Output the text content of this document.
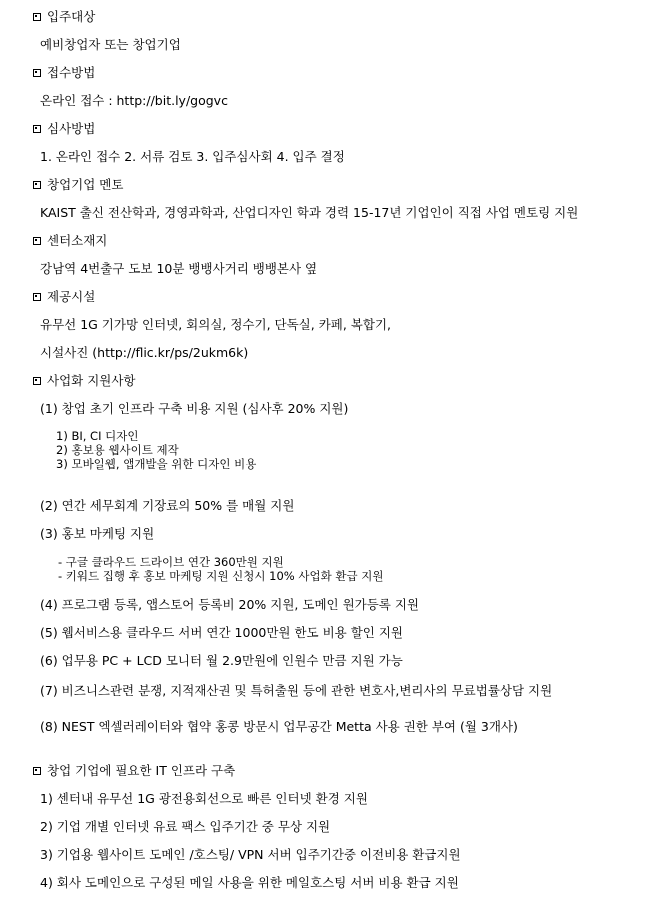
입주대상
예비창업자 또는 창업기업
접수방법
온라인 접수 : http://bit.ly/gogvc
심사방법
1. 온라인 접수 2. 서류 검토 3. 입주심사회 4. 입주 결정
창업기업 멘토
KAIST 출신 전산학과, 경영과학과, 산업디자인 학과 경력 15-17년 기업인이 직접 사업 멘토링 지원
센터소재지
강남역 4번출구 도보 10분 뱅뱅사거리 뱅뱅본사 옆
제공시설
유무선 1G 기가망 인터넷, 회의실, 정수기, 단독실, 카페, 복합기,
시설사진 (http://flic.kr/ps/2ukm6k)
사업화 지원사항
(1) 창업 초기 인프라 구축 비용 지원 (심사후 20% 지원)
1) BI, CI 디자인
2) 홍보용 웹사이트 제작
3) 모바일웹, 앱개발을 위한 디자인 비용
(2) 연간 세무회계 기장료의 50% 를 매월 지원
(3) 홍보 마케팅 지원
- 구글 클라우드 드라이브 연간 360만원 지원
- 키워드 집행 후 홍보 마케팅 지원 신청시 10% 사업화 환급 지원
(4) 프로그램 등록, 앱스토어 등록비 20% 지원, 도메인 원가등록 지원
(5) 웹서비스용 클라우드 서버 연간 1000만원 한도 비용 할인 지원
(6) 업무용 PC + LCD 모니터 월 2.9만원에 인원수 만큼 지원 가능
(7) 비즈니스관련 분쟁, 지적재산권 및 특허출원 등에 관한 변호사,변리사의 무료법률상담 지원
(8) NEST 엑셀러레이터와 협약 홍콩 방문시 업무공간 Metta 사용 권한 부여 (월 3개사)
창업 기업에 필요한 IT 인프라 구축
1) 센터내 유무선 1G 광전용회선으로 빠른 인터넷 환경 지원
2) 기업 개별 인터넷 유료 팩스 입주기간 중 무상 지원
3) 기업용 웹사이트 도메인 /호스팅/ VPN 서버 입주기간중 이전비용 환급지원
4) 회사 도메인으로 구성된 메일 사용을 위한 메일호스팅 서버 비용 환급 지원
